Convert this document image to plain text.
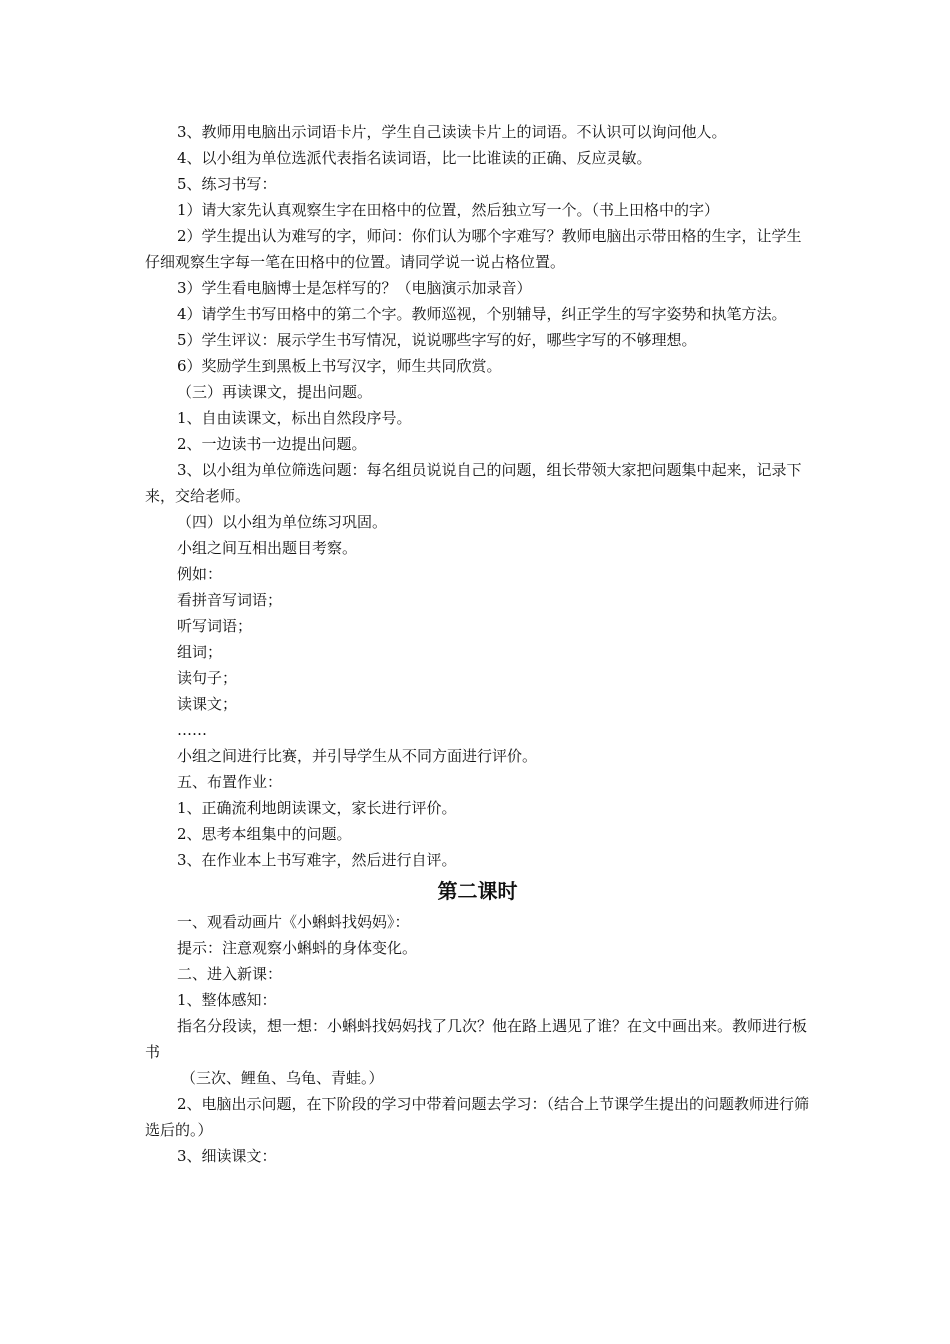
3、教师用电脑出示词语卡片，学生自己读读卡片上的词语。不认识可以询问他人。

4、以小组为单位选派代表指名读词语，比一比谁读的正确、反应灵敏。

5、练习书写：

1）请大家先认真观察生字在田格中的位置，然后独立写一个。（书上田格中的字）

2）学生提出认为难写的字，师问：你们认为哪个字难写？教师电脑出示带田格的生字，让学生仔细观察生字每一笔在田格中的位置。请同学说一说占格位置。

3）学生看电脑博士是怎样写的？（电脑演示加录音）

4）请学生书写田格中的第二个字。教师巡视，个别辅导，纠正学生的写字姿势和执笔方法。

5）学生评议：展示学生书写情况，说说哪些字写的好，哪些字写的不够理想。

6）奖励学生到黑板上书写汉字，师生共同欣赏。

（三）再读课文，提出问题。

1、自由读课文，标出自然段序号。

2、一边读书一边提出问题。

3、以小组为单位筛选问题：每名组员说说自己的问题，组长带领大家把问题集中起来，记录下来，交给老师。

（四）以小组为单位练习巩固。

小组之间互相出题目考察。

例如：

看拼音写词语；

听写词语；

组词；

读句子；

读课文；

……

小组之间进行比赛，并引导学生从不同方面进行评价。

五、布置作业：

1、正确流利地朗读课文，家长进行评价。

2、思考本组集中的问题。

3、在作业本上书写难字，然后进行自评。

第二课时

一、观看动画片《小蝌蚪找妈妈》：

提示：注意观察小蝌蚪的身体变化。

二、进入新课：

1、整体感知：

指名分段读，想一想：小蝌蚪找妈妈找了几次？他在路上遇见了谁？在文中画出来。教师进行板书

（三次、鲤鱼、乌龟、青蛙。）

2、电脑出示问题，在下阶段的学习中带着问题去学习：（结合上节课学生提出的问题教师进行筛选后的。）

3、细读课文：
